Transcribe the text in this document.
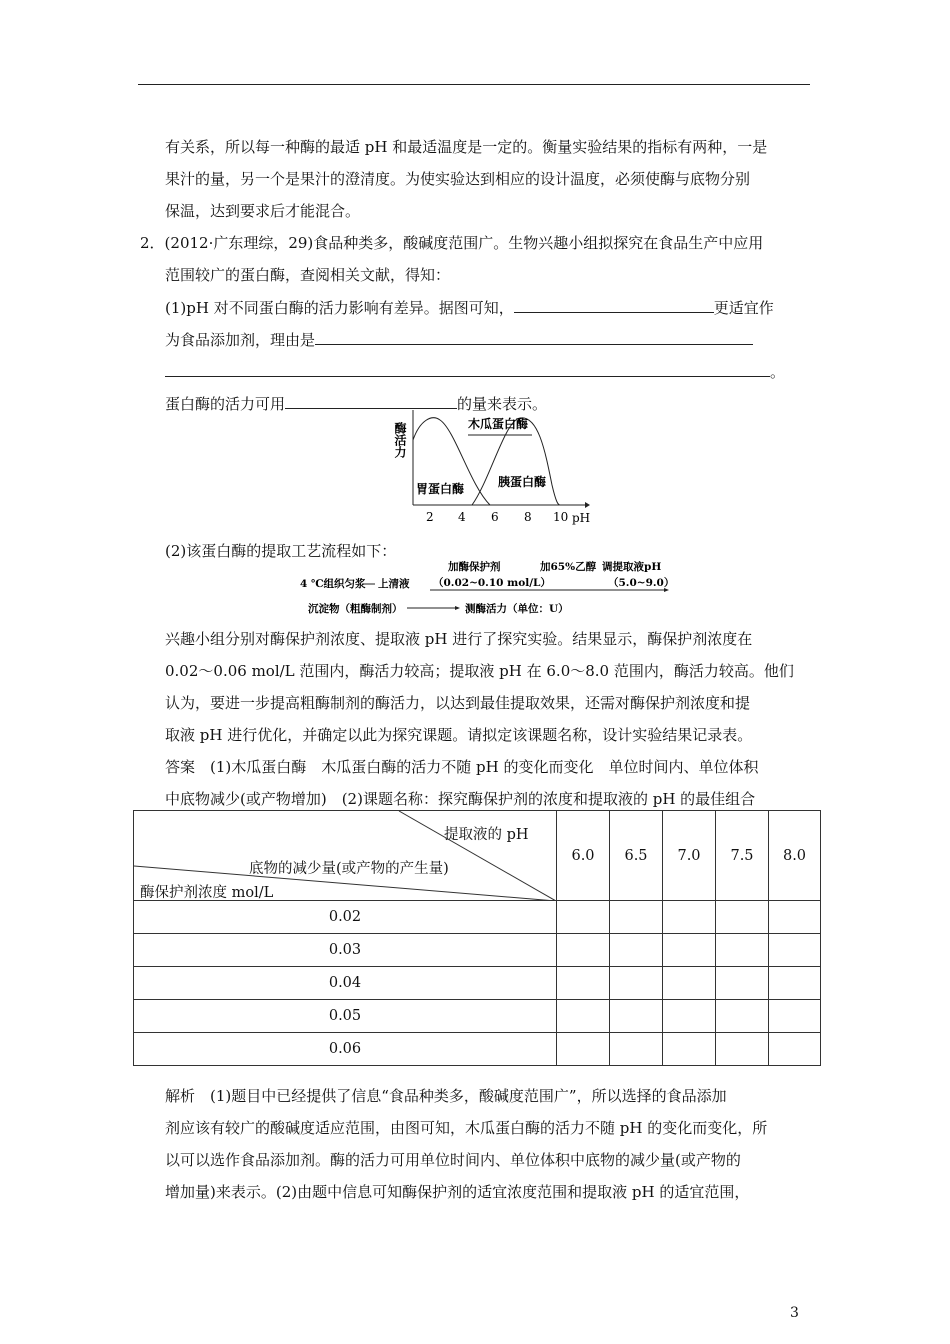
有关系，所以每一种酶的最适 pH 和最适温度是一定的。衡量实验结果的指标有两种，一是
果汁的量，另一个是果汁的澄清度。为使实验达到相应的设计温度，必须使酶与底物分别
保温，达到要求后才能混合。
2．(2012·广东理综，29)食品种类多，酸碱度范围广。生物兴趣小组拟探究在食品生产中应用
范围较广的蛋白酶，查阅相关文献，得知：
(1)pH 对不同蛋白酶的活力影响有差异。据图可知，	更适宜作
为食品添加剂，理由是
。
蛋白酶的活力可用	的量来表示。
酶活力	木瓜蛋白酶
胃蛋白酶	胰蛋白酶
2 4 6 8 10 pH
(2)该蛋白酶的提取工艺流程如下：
4 ℃组织匀浆 上清液
加酶保护剂
（0.02~0.10 mol/L）
加65%乙醇 调提取液pH
（5.0~9.0）
沉淀物（粗酶制剂）	测酶活力（单位：U）
兴趣小组分别对酶保护剂浓度、提取液 pH 进行了探究实验。结果显示，酶保护剂浓度在
0.02～0.06 mol/L 范围内，酶活力较高；提取液 pH 在 6.0～8.0 范围内，酶活力较高。他们
认为，要进一步提高粗酶制剂的酶活力，以达到最佳提取效果，还需对酶保护剂浓度和提
取液 pH 进行优化，并确定以此为探究课题。请拟定该课题名称，设计实验结果记录表。
答案　(1)木瓜蛋白酶　木瓜蛋白酶的活力不随 pH 的变化而变化　单位时间内、单位体积
中底物减少(或产物增加)　(2)课题名称：探究酶保护剂的浓度和提取液的 pH 的最佳组合
提取液的 pH
底物的减少量(或产物的产生量)
酶保护剂浓度 mol/L	6.0	6.5	7.0	7.5	8.0
0.02					
0.03					
0.04					
0.05					
0.06					
解析　(1)题目中已经提供了信息“食品种类多，酸碱度范围广”，所以选择的食品添加
剂应该有较广的酸碱度适应范围，由图可知，木瓜蛋白酶的活力不随 pH 的变化而变化，所
以可以选作食品添加剂。酶的活力可用单位时间内、单位体积中底物的减少量(或产物的
增加量)来表示。(2)由题中信息可知酶保护剂的适宜浓度范围和提取液 pH 的适宜范围，
3
